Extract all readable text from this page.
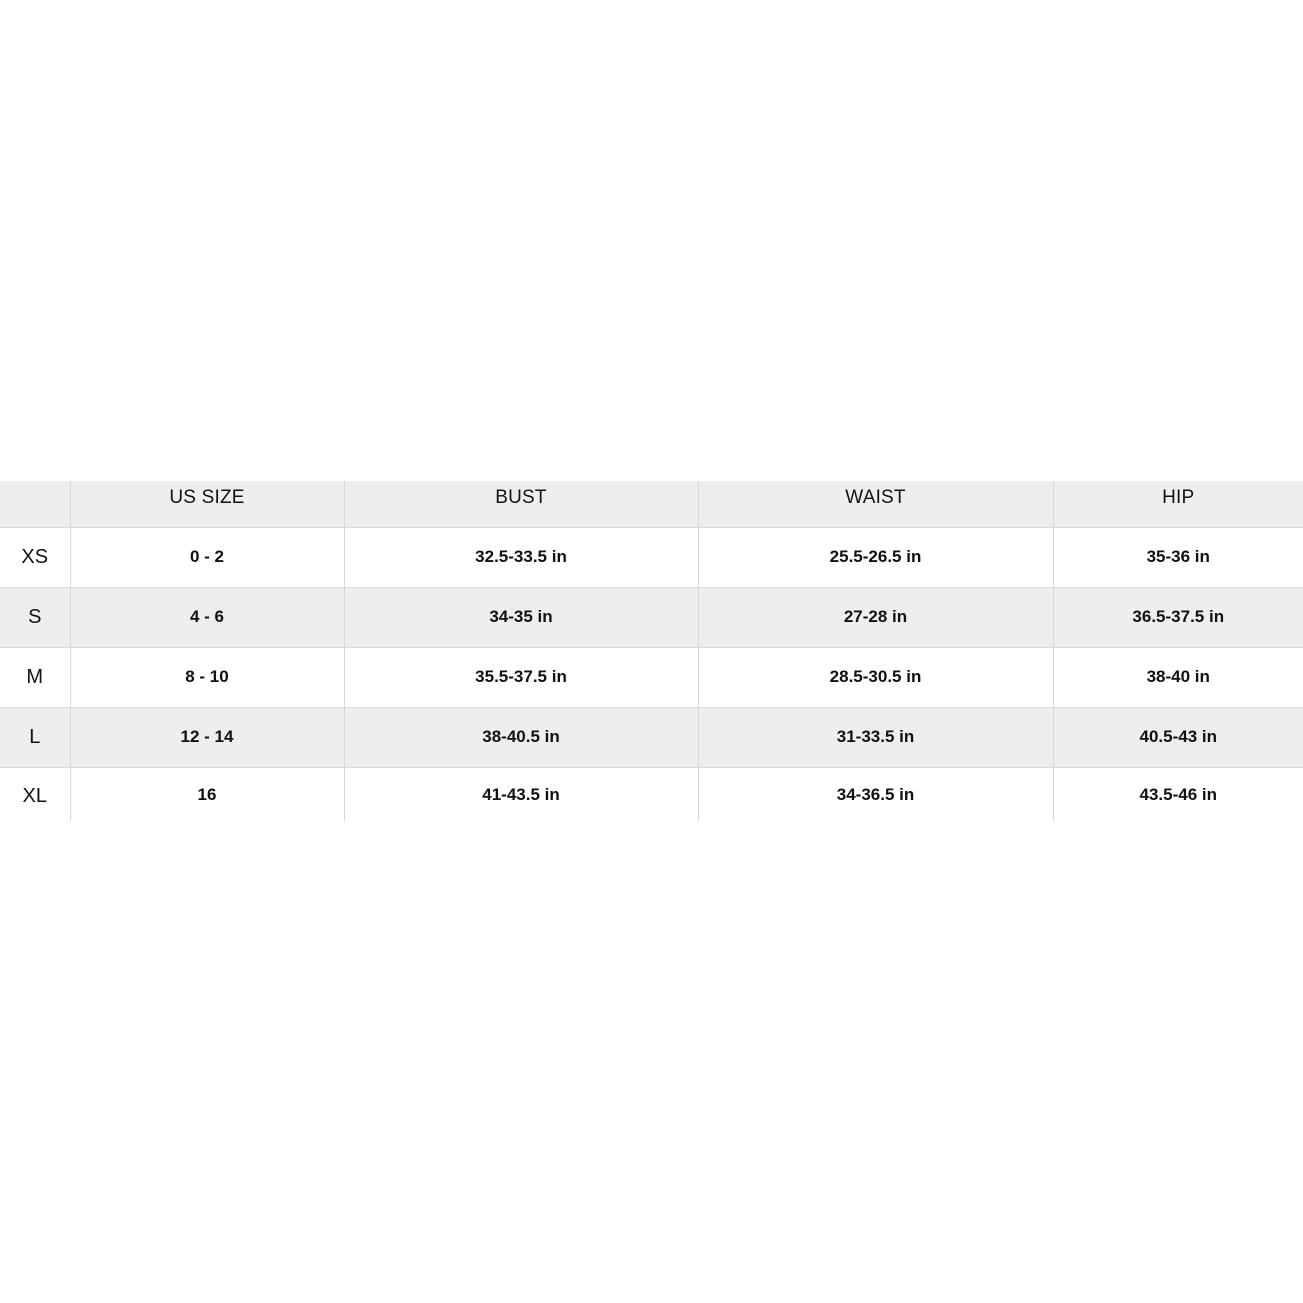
	US SIZE	BUST	WAIST	HIP
XS	0 - 2	32.5-33.5 in	25.5-26.5 in	35-36 in
S	4 - 6	34-35 in	27-28 in	36.5-37.5 in
M	8 - 10	35.5-37.5 in	28.5-30.5 in	38-40 in
L	12 - 14	38-40.5 in	31-33.5 in	40.5-43 in
XL	16	41-43.5 in	34-36.5 in	43.5-46 in
